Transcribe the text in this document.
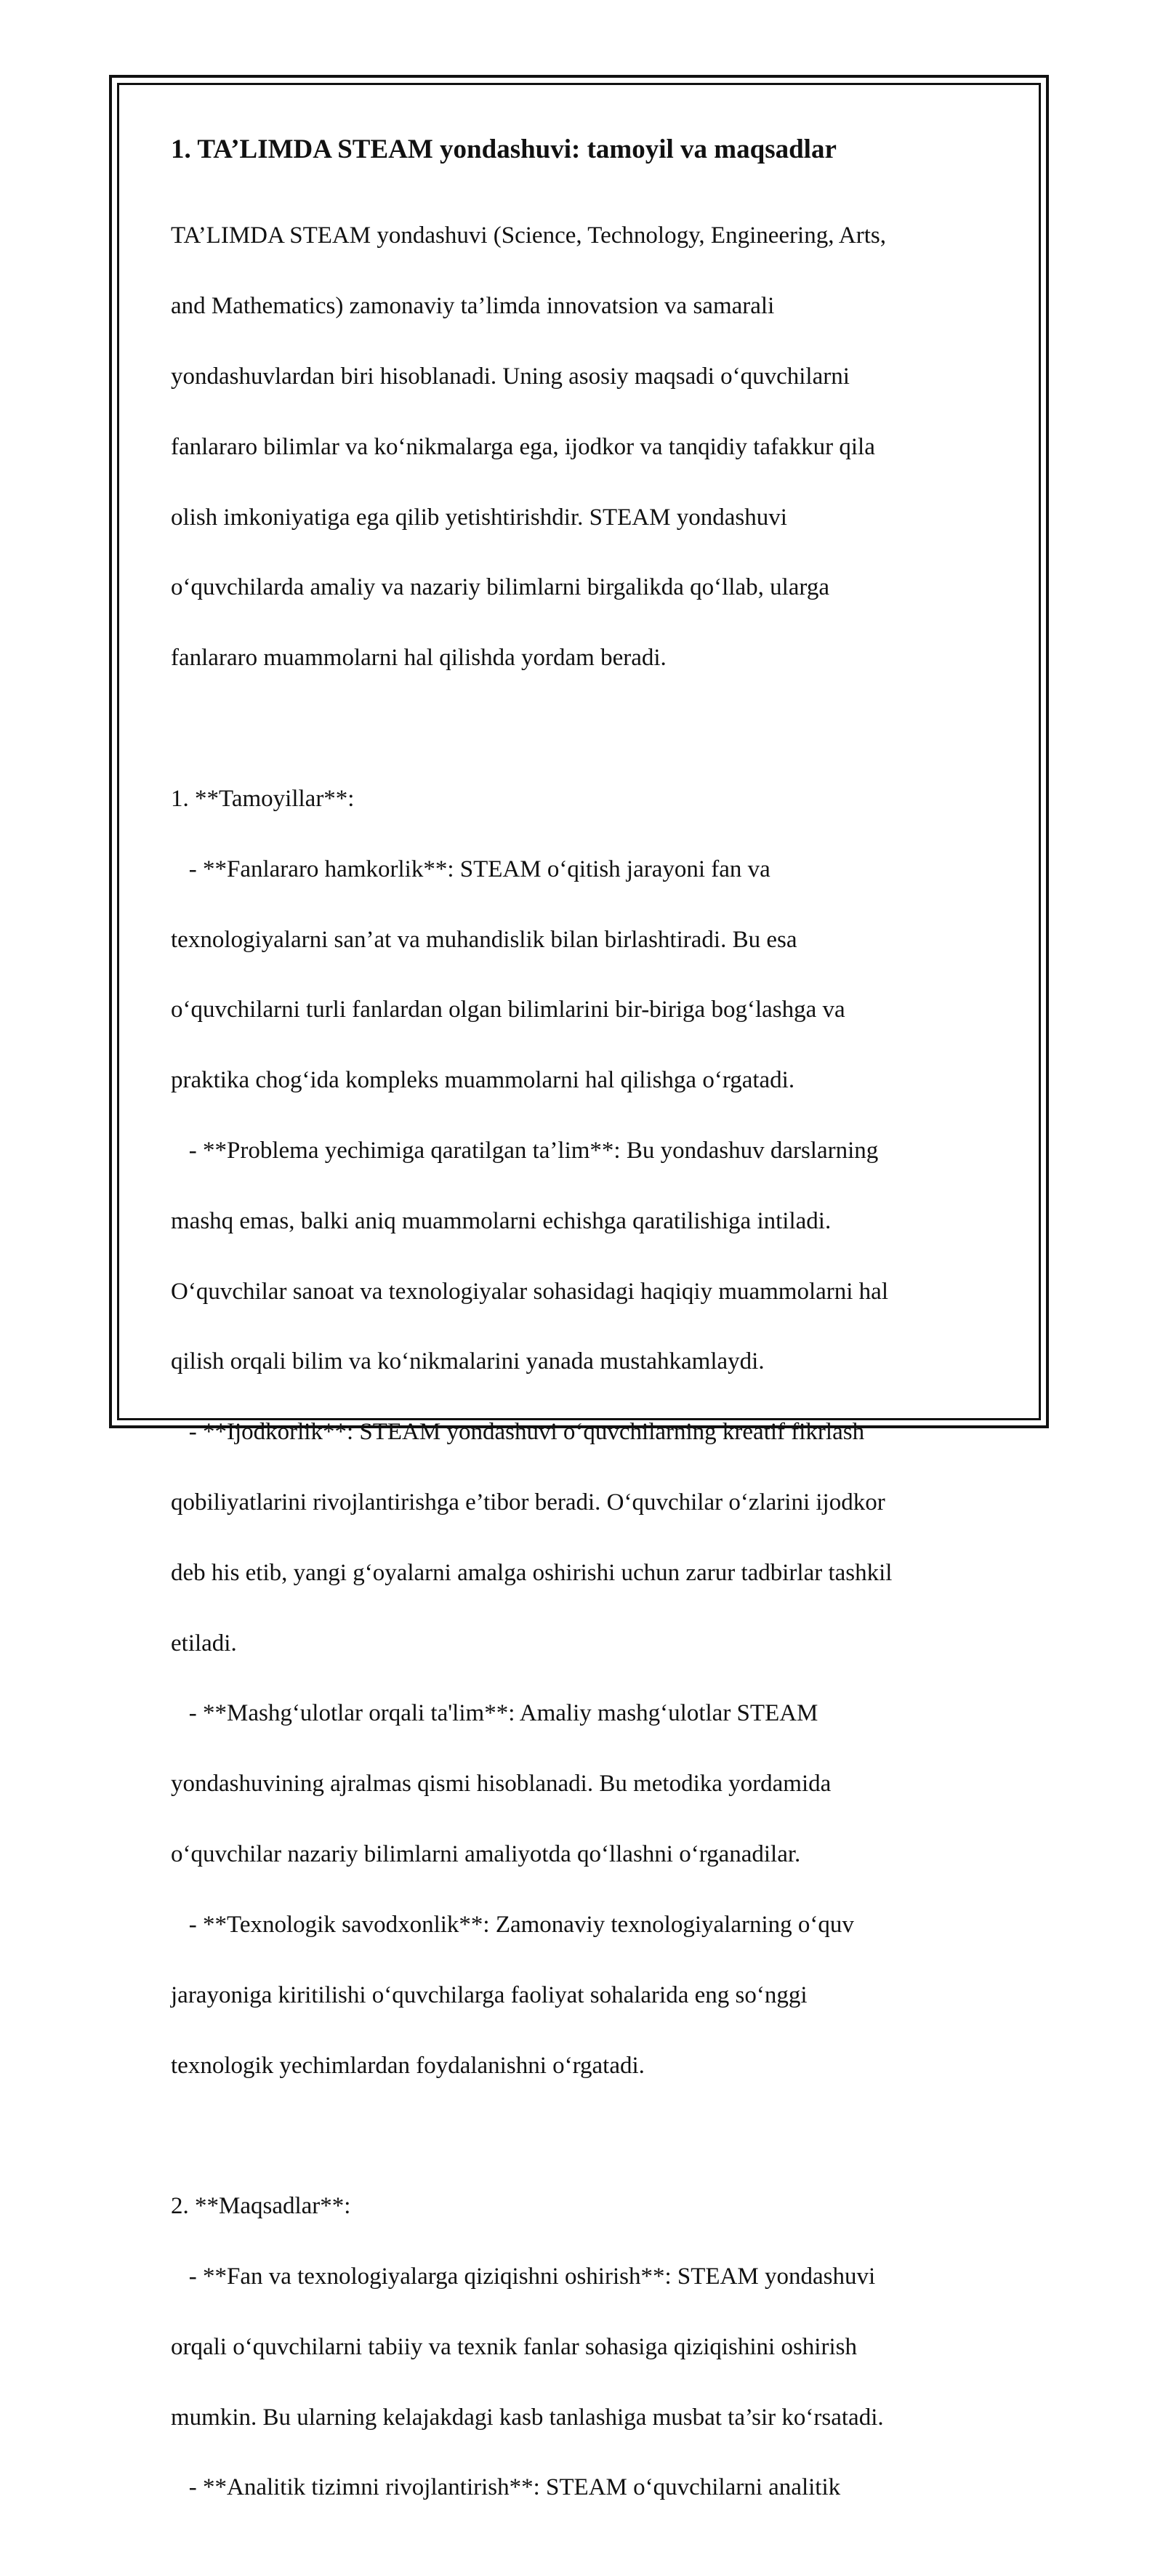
1. TA’LIMDA STEAM yondashuvi: tamoyil va maqsadlar

TA’LIMDA STEAM yondashuvi (Science, Technology, Engineering, Arts,

and Mathematics) zamonaviy ta’limda innovatsion va samarali

yondashuvlardan biri hisoblanadi. Uning asosiy maqsadi o‘quvchilarni

fanlararo bilimlar va ko‘nikmalarga ega, ijodkor va tanqidiy tafakkur qila

olish imkoniyatiga ega qilib yetishtirishdir. STEAM yondashuvi

o‘quvchilarda amaliy va nazariy bilimlarni birgalikda qo‘llab, ularga

fanlararo muammolarni hal qilishda yordam beradi.

1. **Tamoyillar**:

- **Fanlararo hamkorlik**: STEAM o‘qitish jarayoni fan va

texnologiyalarni san’at va muhandislik bilan birlashtiradi. Bu esa

o‘quvchilarni turli fanlardan olgan bilimlarini bir-biriga bog‘lashga va

praktika chog‘ida kompleks muammolarni hal qilishga o‘rgatadi.

- **Problema yechimiga qaratilgan ta’lim**: Bu yondashuv darslarning

mashq emas, balki aniq muammolarni echishga qaratilishiga intiladi.

O‘quvchilar sanoat va texnologiyalar sohasidagi haqiqiy muammolarni hal

qilish orqali bilim va ko‘nikmalarini yanada mustahkamlaydi.

- **Ijodkorlik**: STEAM yondashuvi o‘quvchilarning kreatif fikrlash

qobiliyatlarini rivojlantirishga e’tibor beradi. O‘quvchilar o‘zlarini ijodkor

deb his etib, yangi g‘oyalarni amalga oshirishi uchun zarur tadbirlar tashkil

etiladi.

- **Mashg‘ulotlar orqali ta'lim**: Amaliy mashg‘ulotlar STEAM

yondashuvining ajralmas qismi hisoblanadi. Bu metodika yordamida

o‘quvchilar nazariy bilimlarni amaliyotda qo‘llashni o‘rganadilar.

- **Texnologik savodxonlik**: Zamonaviy texnologiyalarning o‘quv

jarayoniga kiritilishi o‘quvchilarga faoliyat sohalarida eng so‘nggi

texnologik yechimlardan foydalanishni o‘rgatadi.

2. **Maqsadlar**:

- **Fan va texnologiyalarga qiziqishni oshirish**: STEAM yondashuvi

orqali o‘quvchilarni tabiiy va texnik fanlar sohasiga qiziqishini oshirish

mumkin. Bu ularning kelajakdagi kasb tanlashiga musbat ta’sir ko‘rsatadi.

- **Analitik tizimni rivojlantirish**: STEAM o‘quvchilarni analitik
